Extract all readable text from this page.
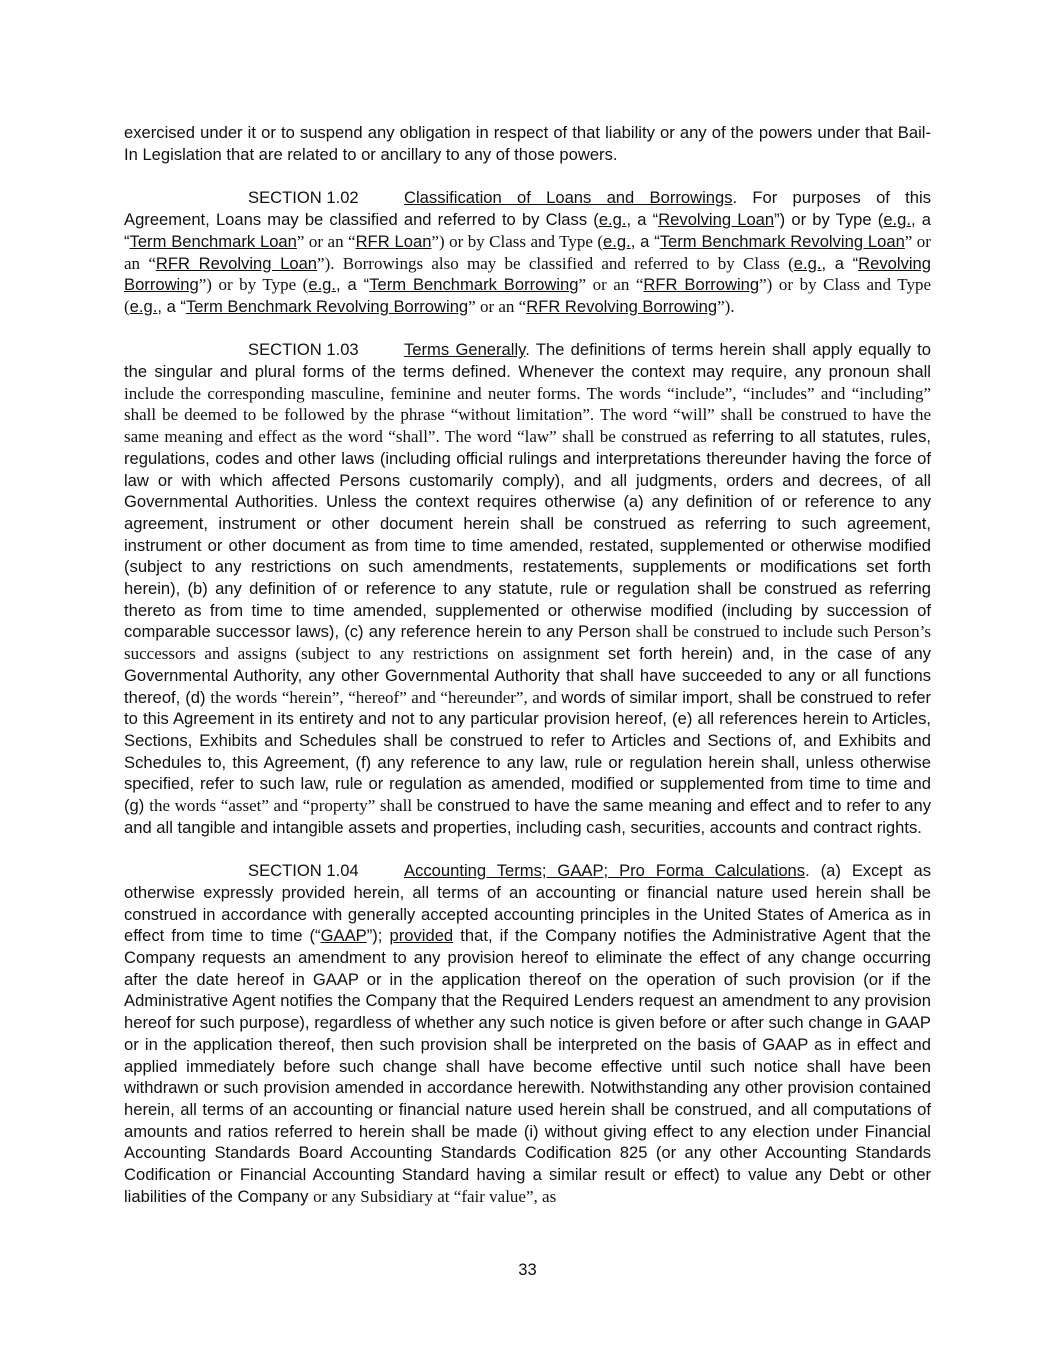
exercised under it or to suspend any obligation in respect of that liability or any of the powers under that Bail-In Legislation that are related to or ancillary to any of those powers.

SECTION 1.02	Classification of Loans and Borrowings. For purposes of this Agreement, Loans may be classified and referred to by Class (e.g., a “Revolving Loan”) or by Type (e.g., a “Term Benchmark Loan” or an “RFR Loan”) or by Class and Type (e.g., a “Term Benchmark Revolving Loan” or an “RFR Revolving Loan”). Borrowings also may be classified and referred to by Class (e.g., a “Revolving Borrowing”) or by Type (e.g., a “Term Benchmark Borrowing” or an “RFR Borrowing”) or by Class and Type (e.g., a “Term Benchmark Revolving Borrowing” or an “RFR Revolving Borrowing”).

SECTION 1.03	Terms Generally. The definitions of terms herein shall apply equally to the singular and plural forms of the terms defined. Whenever the context may require, any pronoun shall include the corresponding masculine, feminine and neuter forms. The words “include”, “includes” and “including” shall be deemed to be followed by the phrase “without limitation”. The word “will” shall be construed to have the same meaning and effect as the word “shall”. The word “law” shall be construed as referring to all statutes, rules, regulations, codes and other laws (including official rulings and interpretations thereunder having the force of law or with which affected Persons customarily comply), and all judgments, orders and decrees, of all Governmental Authorities. Unless the context requires otherwise (a) any definition of or reference to any agreement, instrument or other document herein shall be construed as referring to such agreement, instrument or other document as from time to time amended, restated, supplemented or otherwise modified (subject to any restrictions on such amendments, restatements, supplements or modifications set forth herein), (b) any definition of or reference to any statute, rule or regulation shall be construed as referring thereto as from time to time amended, supplemented or otherwise modified (including by succession of comparable successor laws), (c) any reference herein to any Person shall be construed to include such Person’s successors and assigns (subject to any restrictions on assignment set forth herein) and, in the case of any Governmental Authority, any other Governmental Authority that shall have succeeded to any or all functions thereof, (d) the words “herein”, “hereof” and “hereunder”, and words of similar import, shall be construed to refer to this Agreement in its entirety and not to any particular provision hereof, (e) all references herein to Articles, Sections, Exhibits and Schedules shall be construed to refer to Articles and Sections of, and Exhibits and Schedules to, this Agreement, (f) any reference to any law, rule or regulation herein shall, unless otherwise specified, refer to such law, rule or regulation as amended, modified or supplemented from time to time and (g) the words “asset” and “property” shall be construed to have the same meaning and effect and to refer to any and all tangible and intangible assets and properties, including cash, securities, accounts and contract rights.

SECTION 1.04	Accounting Terms; GAAP; Pro Forma Calculations. (a) Except as otherwise expressly provided herein, all terms of an accounting or financial nature used herein shall be construed in accordance with generally accepted accounting principles in the United States of America as in effect from time to time (“GAAP”); provided that, if the Company notifies the Administrative Agent that the Company requests an amendment to any provision hereof to eliminate the effect of any change occurring after the date hereof in GAAP or in the application thereof on the operation of such provision (or if the Administrative Agent notifies the Company that the Required Lenders request an amendment to any provision hereof for such purpose), regardless of whether any such notice is given before or after such change in GAAP or in the application thereof, then such provision shall be interpreted on the basis of GAAP as in effect and applied immediately before such change shall have become effective until such notice shall have been withdrawn or such provision amended in accordance herewith. Notwithstanding any other provision contained herein, all terms of an accounting or financial nature used herein shall be construed, and all computations of amounts and ratios referred to herein shall be made (i) without giving effect to any election under Financial Accounting Standards Board Accounting Standards Codification 825 (or any other Accounting Standards Codification or Financial Accounting Standard having a similar result or effect) to value any Debt or other liabilities of the Company or any Subsidiary at “fair value”, as

33
